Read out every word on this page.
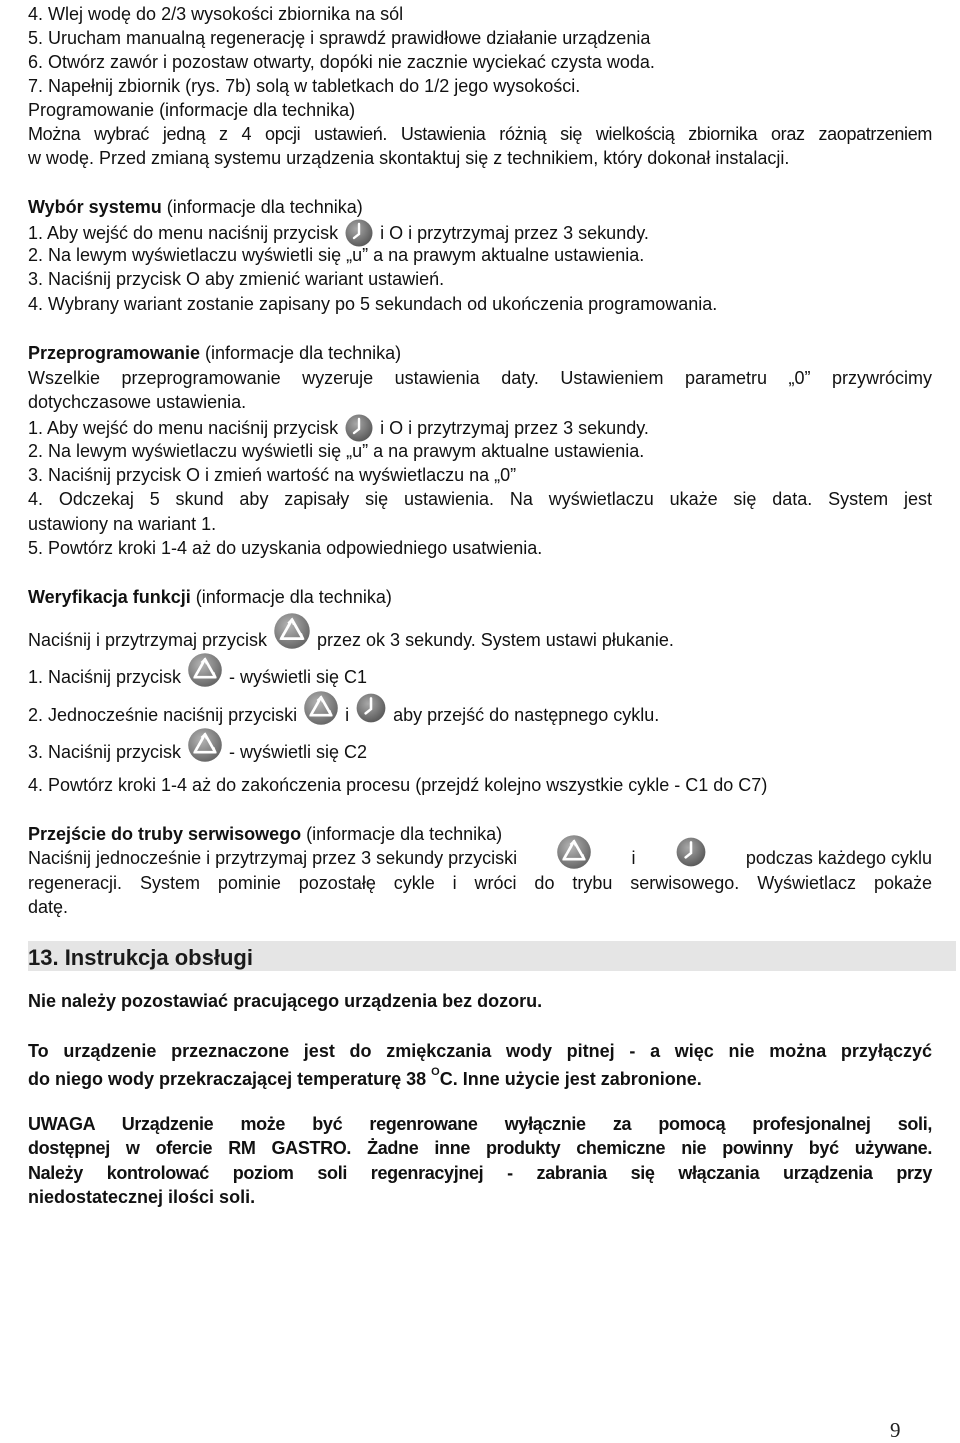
4. Wlej wodę do 2/3 wysokości zbiornika na sól
5. Urucham manualną regenerację i sprawdź prawidłowe działanie urządzenia
6. Otwórz zawór i pozostaw otwarty, dopóki nie zacznie wyciekać czysta woda.
7. Napełnij zbiornik (rys. 7b) solą w tabletkach do 1/2 jego wysokości.
Programowanie (informacje dla technika)
Można wybrać jedną z 4 opcji ustawień. Ustawienia różnią się wielkością zbiornika oraz zaopatrzeniem
w wodę. Przed zmianą systemu urządzenia skontaktuj się z technikiem, który dokonał instalacji.
Wybór systemu (informacje dla technika)
1. Aby wejść do menu naciśnij przycisk i O i przytrzymaj przez 3 sekundy.
2. Na lewym wyświetlaczu wyświetli się „u” a na prawym aktualne ustawienia.
3. Naciśnij przycisk O aby zmienić wariant ustawień.
4. Wybrany wariant zostanie zapisany po 5 sekundach od ukończenia programowania.
Przeprogramowanie (informacje dla technika)
Wszelkie przeprogramowanie wyzeruje ustawienia daty. Ustawieniem parametru „0” przywrócimy
dotychczasowe ustawienia.
1. Aby wejść do menu naciśnij przycisk i O i przytrzymaj przez 3 sekundy.
2. Na lewym wyświetlaczu wyświetli się „u” a na prawym aktualne ustawienia.
3. Naciśnij przycisk O i zmień wartość na wyświetlaczu na „0”
4. Odczekaj 5 skund aby zapisały się ustawienia. Na wyświetlaczu ukaże się data. System jest
ustawiony na wariant 1.
5. Powtórz kroki 1-4 aż do uzyskania odpowiedniego usatwienia.
Weryfikacja funkcji (informacje dla technika)
Naciśnij i przytrzymaj przycisk	przez ok 3 sekundy. System ustawi płukanie.
1. Naciśnij przycisk	- wyświetli się C1
2. Jednocześnie naciśnij przyciski	i aby przejść do następnego cyklu.
3. Naciśnij przycisk	- wyświetli się C2
4. Powtórz kroki 1-4 aż do zakończenia procesu (przejdź kolejno wszystkie cykle - C1 do C7)
Przejście do truby serwisowego (informacje dla technika)
Naciśnij jednocześnie i przytrzymaj przez 3 sekundy przyciski	i	podczas każdego cyklu
regeneracji. System pominie pozostałę cykle i wróci do trybu serwisowego. Wyświetlacz pokaże
datę.
13. Instrukcja obsługi
Nie należy pozostawiać pracującego urządzenia bez dozoru.
To urządzenie przeznaczone jest do zmiękczania wody pitnej - a więc nie można przyłączyć
do niego wody przekraczającej temperaturę 38 $^O$C. Inne użycie jest zabronione.
UWAGA Urządzenie może być regenrowane wyłącznie za pomocą profesjonalnej soli,
dostępnej w ofercie RM GASTRO. Żadne inne produkty chemiczne nie powinny być używane.
Należy kontrolować poziom soli regenracyjnej - zabrania się włączania urządzenia przy
niedostatecznej ilości soli.
9
